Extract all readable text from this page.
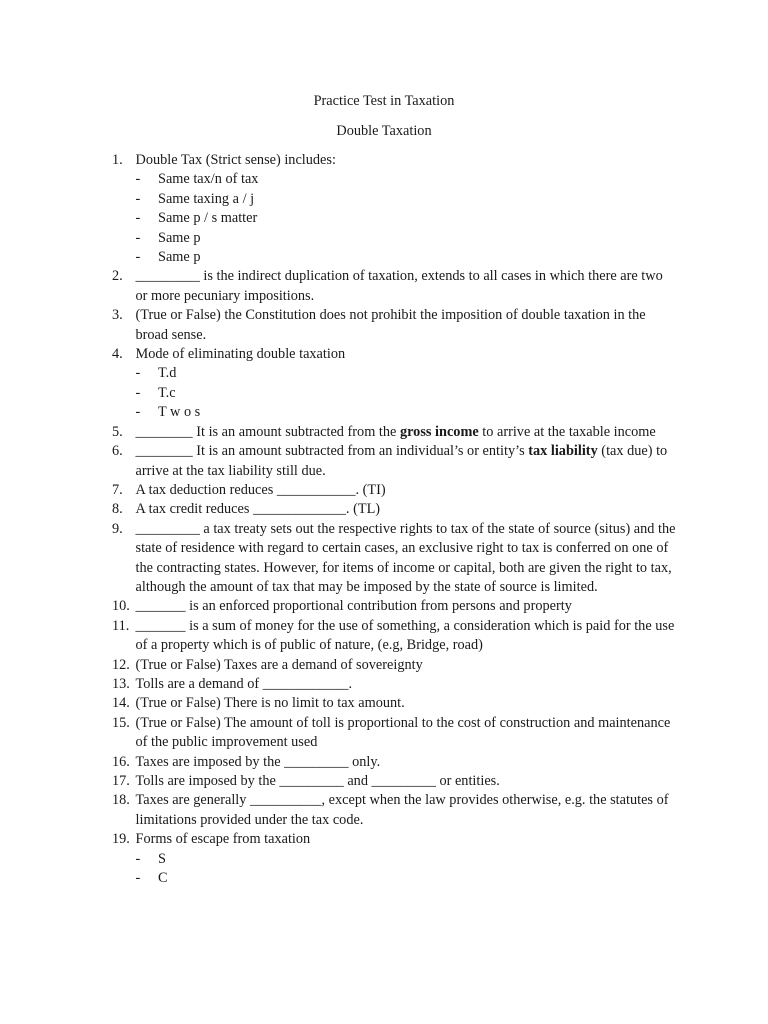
Practice Test in Taxation
Double Taxation
1. Double Tax (Strict sense) includes:
- Same tax/n of tax
- Same taxing a / j
- Same p / s matter
- Same p
- Same p
2. _________ is the indirect duplication of taxation, extends to all cases in which there are two or more pecuniary impositions.
3. (True or False) the Constitution does not prohibit the imposition of double taxation in the broad sense.
4. Mode of eliminating double taxation
- T.d
- T.c
- T w o s
5. ________ It is an amount subtracted from the gross income to arrive at the taxable income
6. ________ It is an amount subtracted from an individual’s or entity’s tax liability (tax due) to arrive at the tax liability still due.
7. A tax deduction reduces ___________. (TI)
8. A tax credit reduces _____________. (TL)
9. _________ a tax treaty sets out the respective rights to tax of the state of source (situs) and the state of residence with regard to certain cases, an exclusive right to tax is conferred on one of the contracting states. However, for items of income or capital, both are given the right to tax, although the amount of tax that may be imposed by the state of source is limited.
10. _______ is an enforced proportional contribution from persons and property
11. _______ is a sum of money for the use of something, a consideration which is paid for the use of a property which is of public of nature, (e.g, Bridge, road)
12. (True or False) Taxes are a demand of sovereignty
13. Tolls are a demand of ____________.
14. (True or False) There is no limit to tax amount.
15. (True or False) The amount of toll is proportional to the cost of construction and maintenance of the public improvement used
16. Taxes are imposed by the _________ only.
17. Tolls are imposed by the _________ and _________ or entities.
18. Taxes are generally __________, except when the law provides otherwise, e.g. the statutes of limitations provided under the tax code.
19. Forms of escape from taxation
- S
- C
